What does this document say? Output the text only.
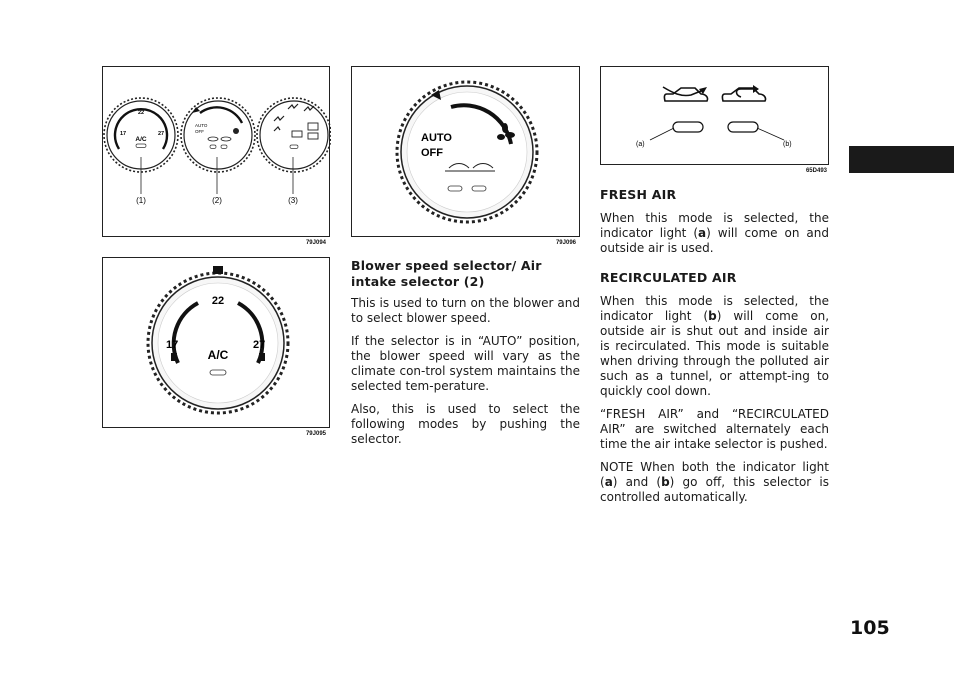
22
17	27
A/C
AUTO
OFF
(1)	(2)	(3)
79J094
22
17	27
A/C
79J095
AUTO
OFF
79J096
(a)	(b)
65D493
Blower speed selector/ Air intake selector (2)

This is used to turn on the blower and to select blower speed.

If the selector is in “AUTO” position, the blower speed will vary as the climate con-trol system maintains the selected tem-perature.

Also, this is used to select the following modes by pushing the selector.

FRESH AIR

When this mode is selected, the indicator light (a) will come on and outside air is used.

RECIRCULATED AIR

When this mode is selected, the indicator light (b) will come on, outside air is shut out and inside air is recirculated. This mode is suitable when driving through the polluted air such as a tunnel, or attempt-ing to quickly cool down.

“FRESH AIR” and “RECIRCULATED AIR” are switched alternately each time the air intake selector is pushed.

NOTE When both the indicator light (a) and (b) go off, this selector is controlled automatically.

105
